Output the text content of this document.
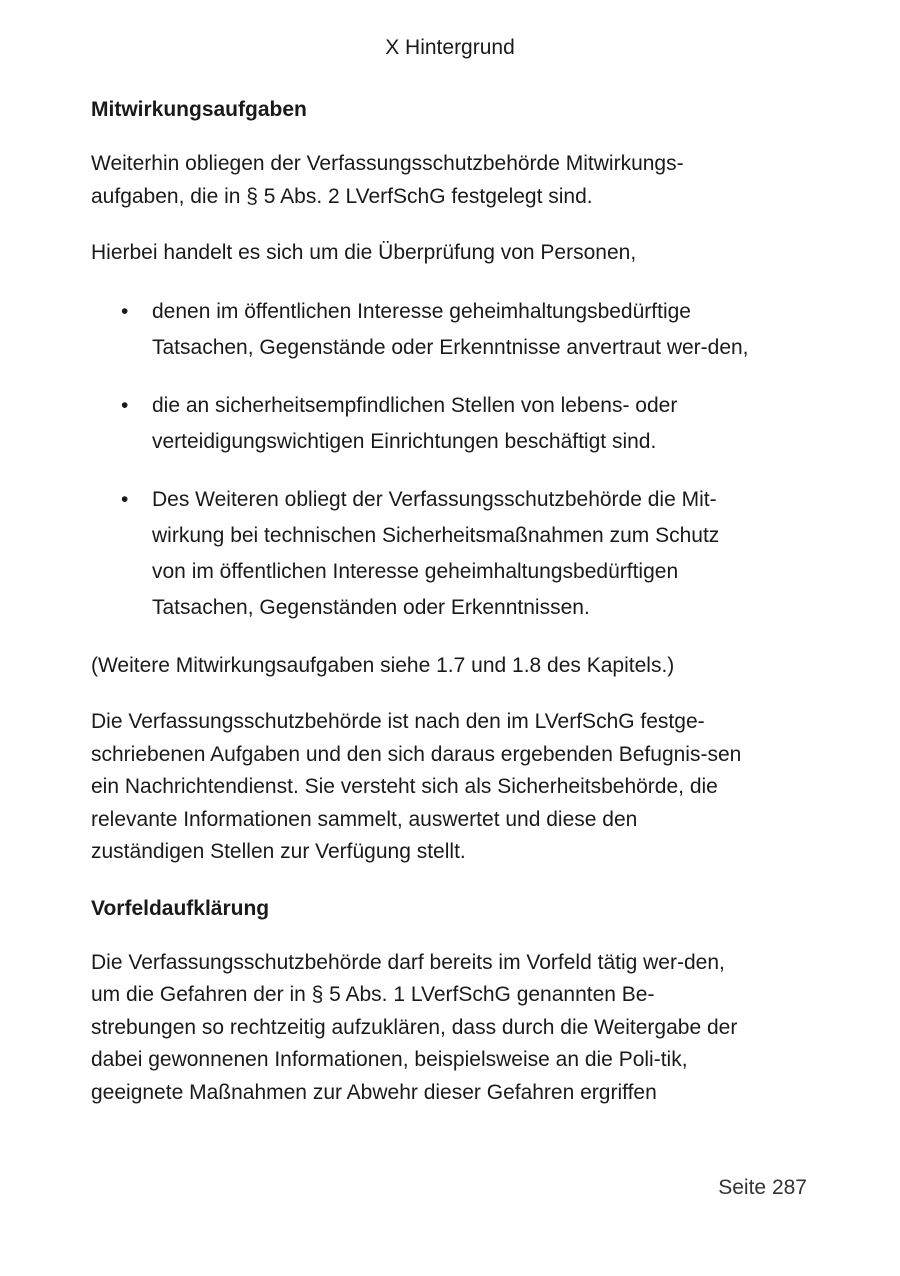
X Hintergrund
Mitwirkungsaufgaben

Weiterhin obliegen der Verfassungsschutzbehörde Mitwirkungs-aufgaben, die in § 5 Abs. 2 LVerfSchG festgelegt sind.

Hierbei handelt es sich um die Überprüfung von Personen,

• denen im öffentlichen Interesse geheimhaltungsbedürftige Tatsachen, Gegenstände oder Erkenntnisse anvertraut wer-den,
• die an sicherheitsempfindlichen Stellen von lebens- oder verteidigungswichtigen Einrichtungen beschäftigt sind.
• Des Weiteren obliegt der Verfassungsschutzbehörde die Mit-wirkung bei technischen Sicherheitsmaßnahmen zum Schutz von im öffentlichen Interesse geheimhaltungsbedürftigen Tatsachen, Gegenständen oder Erkenntnissen.

(Weitere Mitwirkungsaufgaben siehe 1.7 und 1.8 des Kapitels.)

Die Verfassungsschutzbehörde ist nach den im LVerfSchG festge-schriebenen Aufgaben und den sich daraus ergebenden Befugnis-sen ein Nachrichtendienst. Sie versteht sich als Sicherheitsbehörde, die relevante Informationen sammelt, auswertet und diese den zuständigen Stellen zur Verfügung stellt.

Vorfeldaufklärung

Die Verfassungsschutzbehörde darf bereits im Vorfeld tätig wer-den, um die Gefahren der in § 5 Abs. 1 LVerfSchG genannten Be-strebungen so rechtzeitig aufzuklären, dass durch die Weitergabe der dabei gewonnenen Informationen, beispielsweise an die Poli-tik, geeignete Maßnahmen zur Abwehr dieser Gefahren ergriffen

Seite 287
